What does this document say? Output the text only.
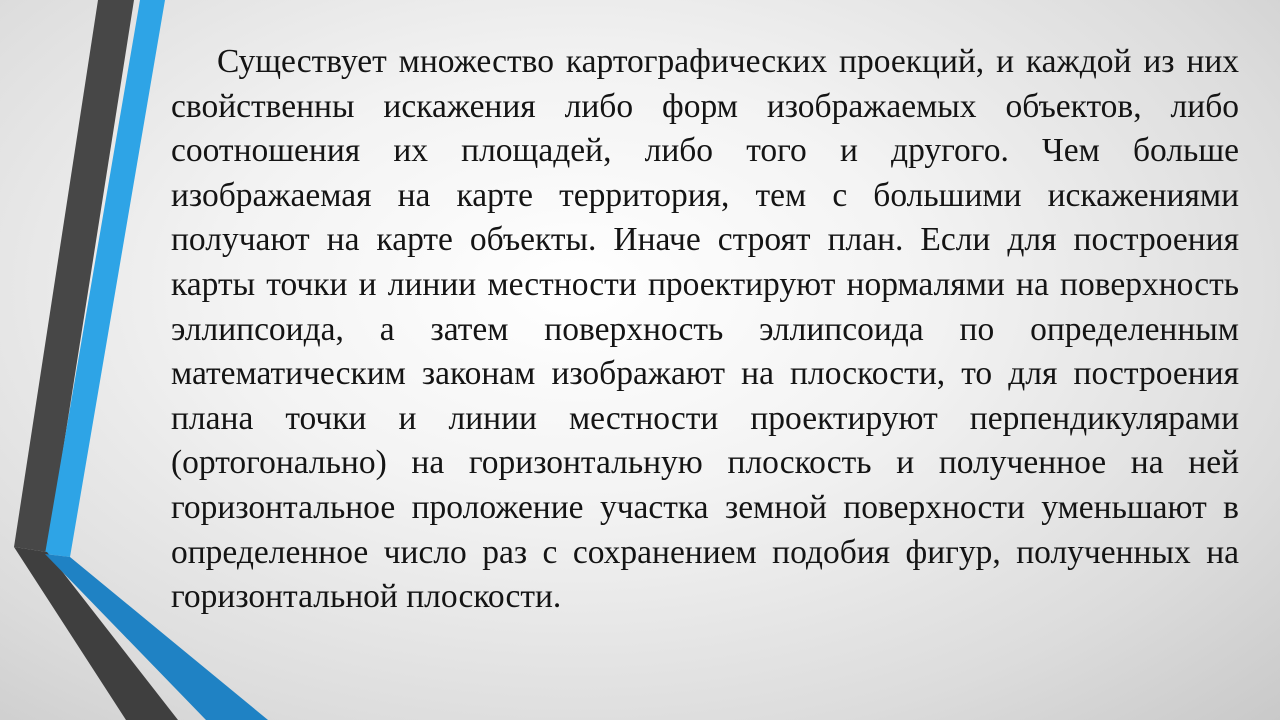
Существует множество картографических проекций, и каждой из них свойственны искажения либо форм изображаемых объектов, либо соотношения их площадей, либо того и другого. Чем больше изображаемая на карте территория, тем с большими искажениями получают на карте объекты. Иначе строят план. Если для построения карты точки и линии местности проектируют нормалями на поверхность эллипсоида, а затем поверхность эллипсоида по определенным математическим законам изображают на плоскости, то для построения плана точки и линии местности проектируют перпендикулярами (ортогонально) на горизонтальную плоскость и полученное на ней горизонтальное проложение участка земной поверхности уменьшают в определенное число раз с сохранением подобия фигур, полученных на горизонтальной плоскости.
